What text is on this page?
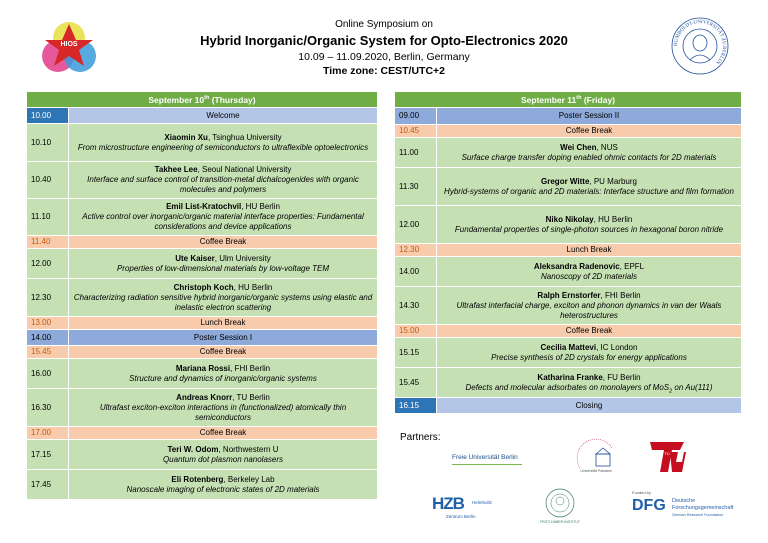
HIOS	HUMBOLDT-UNIVERSITÄT ZU BERLIN
Online Symposium on
Hybrid Inorganic/Organic System for Opto-Electronics 2020
10.09 – 11.09.2020, Berlin, Germany
Time zone: CEST/UTC+2
September 10th (Thursday)	
10.00	Welcome
10.10	Xiaomin Xu, Tsinghua University
From microstructure engineering of semiconductors to ultraflexible optoelectronics
10.40	Takhee Lee, Seoul National University
Interface and surface control of transition-metal dichalcogenides with organic molecules and polymers
11.10	Emil List-Kratochvil, HU Berlin
Active control over inorganic/organic material interface properties: Fundamental considerations and device applications
11.40	Coffee Break
12.00	Ute Kaiser, Ulm University
Properties of low-dimensional materials by low-voltage TEM
12.30	Christoph Koch, HU Berlin
Characterizing radiation sensitive hybrid inorganic/organic systems using elastic and inelastic electron scattering
13.00	Lunch Break
14.00	Poster Session I
15.45	Coffee Break
16.00	Mariana Rossi, FHI Berlin
Structure and dynamics of inorganic/organic systems
16.30	Andreas Knorr, TU Berlin
Ultrafast exciton-exciton interactions in (functionalized) atomically thin semiconductors
17.00	Coffee Break
17.15	Teri W. Odom, Northwestern U
Quantum dot plasmon nanolasers
17.45	Eli Rotenberg, Berkeley Lab
Nanoscale imaging of electronic states of 2D materials
September 11th (Friday)	
09.00	Poster Session II
10.45	Coffee Break
11.00	Wei Chen, NUS
Surface charge transfer doping enabled ohmic contacts for 2D materials
11.30	Gregor Witte, PU Marburg
Hybrid-systems of organic and 2D materials: Interface structure and film formation
12.00	Niko Nikolay, HU Berlin
Fundamental properties of single-photon sources in hexagonal boron nitride
12.30	Lunch Break
14.00	Aleksandra Radenovic, EPFL
Nanoscopy of 2D materials
14.30	Ralph Ernstorfer, FHI Berlin
Ultrafast interfacial charge, exciton and phonon dynamics in van der Waals heterostructures
15.00	Coffee Break
15.15	Cecilia Mattevi, IC London
Precise synthesis of 2D crystals for energy applications
15.45	Katharina Franke, FU Berlin
Defects and molecular adsorbates on monolayers of MoS$_2$ on Au(111)
16.15	Closing
Partners:
Freie Universität Berlin
Universität Potsdam
TU
HZB Helmholtz
Zentrum Berlin
FRITZ-HABER-INSTITUT
Funded by
DFG Deutsche
Forschungsgemeinschaft
German Research Foundation
